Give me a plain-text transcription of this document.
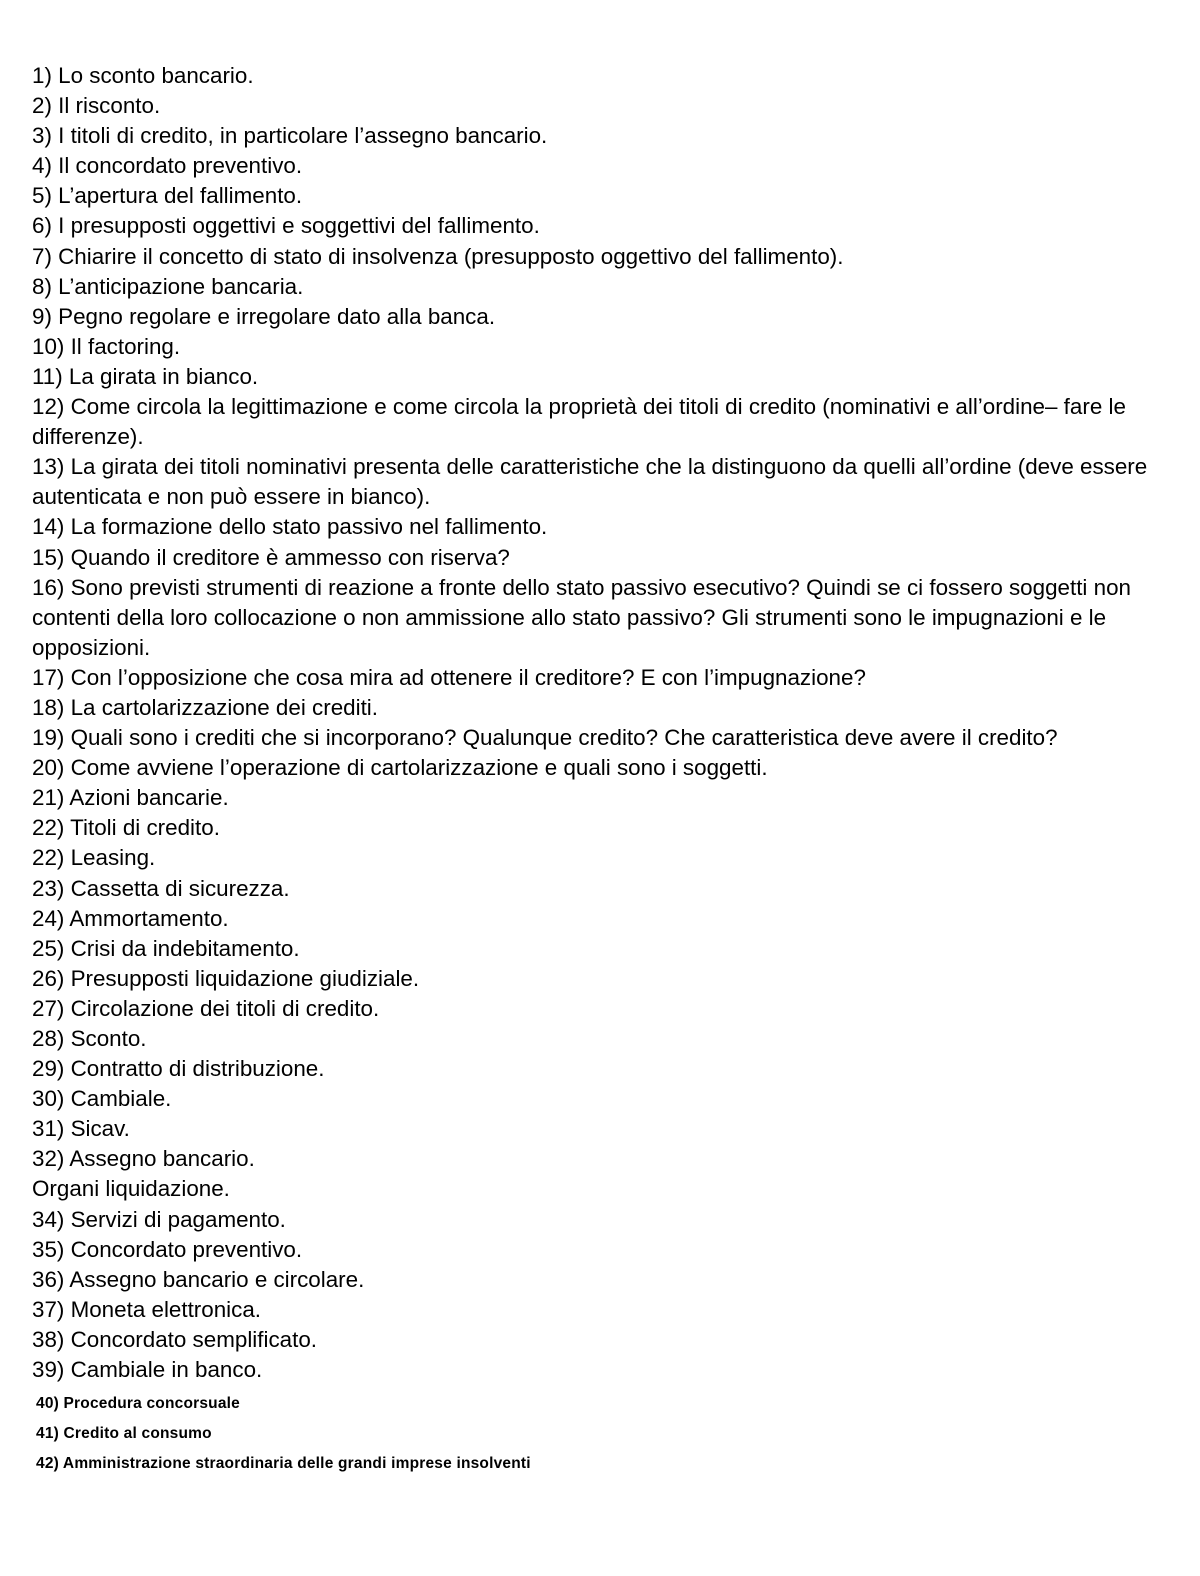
1) Lo sconto bancario.
2) Il risconto.
3) I titoli di credito, in particolare l’assegno bancario.
4) Il concordato preventivo.
5) L’apertura del fallimento.
6) I presupposti oggettivi e soggettivi del fallimento.
7) Chiarire il concetto di stato di insolvenza (presupposto oggettivo del fallimento).
8) L’anticipazione bancaria.
9) Pegno regolare e irregolare dato alla banca.
10) Il factoring.
11) La girata in bianco.
12) Come circola la legittimazione e come circola la proprietà dei titoli di credito (nominativi e all’ordine– fare le differenze).
13) La girata dei titoli nominativi presenta delle caratteristiche che la distinguono da quelli all’ordine (deve essere autenticata e non può essere in bianco).
14) La formazione dello stato passivo nel fallimento.
15) Quando il creditore è ammesso con riserva?
16) Sono previsti strumenti di reazione a fronte dello stato passivo esecutivo? Quindi se ci fossero soggetti non contenti della loro collocazione o non ammissione allo stato passivo? Gli strumenti sono le impugnazioni e le opposizioni.
17) Con l’opposizione che cosa mira ad ottenere il creditore? E con l’impugnazione?
18) La cartolarizzazione dei crediti.
19) Quali sono i crediti che si incorporano? Qualunque credito? Che caratteristica deve avere il credito?
20) Come avviene l’operazione di cartolarizzazione e quali sono i soggetti.
21) Azioni bancarie.
22) Titoli di credito.
22) Leasing.
23) Cassetta di sicurezza.
24) Ammortamento.
25) Crisi da indebitamento.
26) Presupposti liquidazione giudiziale.
27) Circolazione dei titoli di credito.
28) Sconto.
29) Contratto di distribuzione.
30) Cambiale.
31) Sicav.
32) Assegno bancario.
Organi liquidazione.
34) Servizi di pagamento.
35) Concordato preventivo.
36) Assegno bancario e circolare.
37) Moneta elettronica.
38) Concordato semplificato.
39) Cambiale in banco.
40) Procedura concorsuale
41) Credito al consumo
42) Amministrazione straordinaria delle grandi imprese insolventi
